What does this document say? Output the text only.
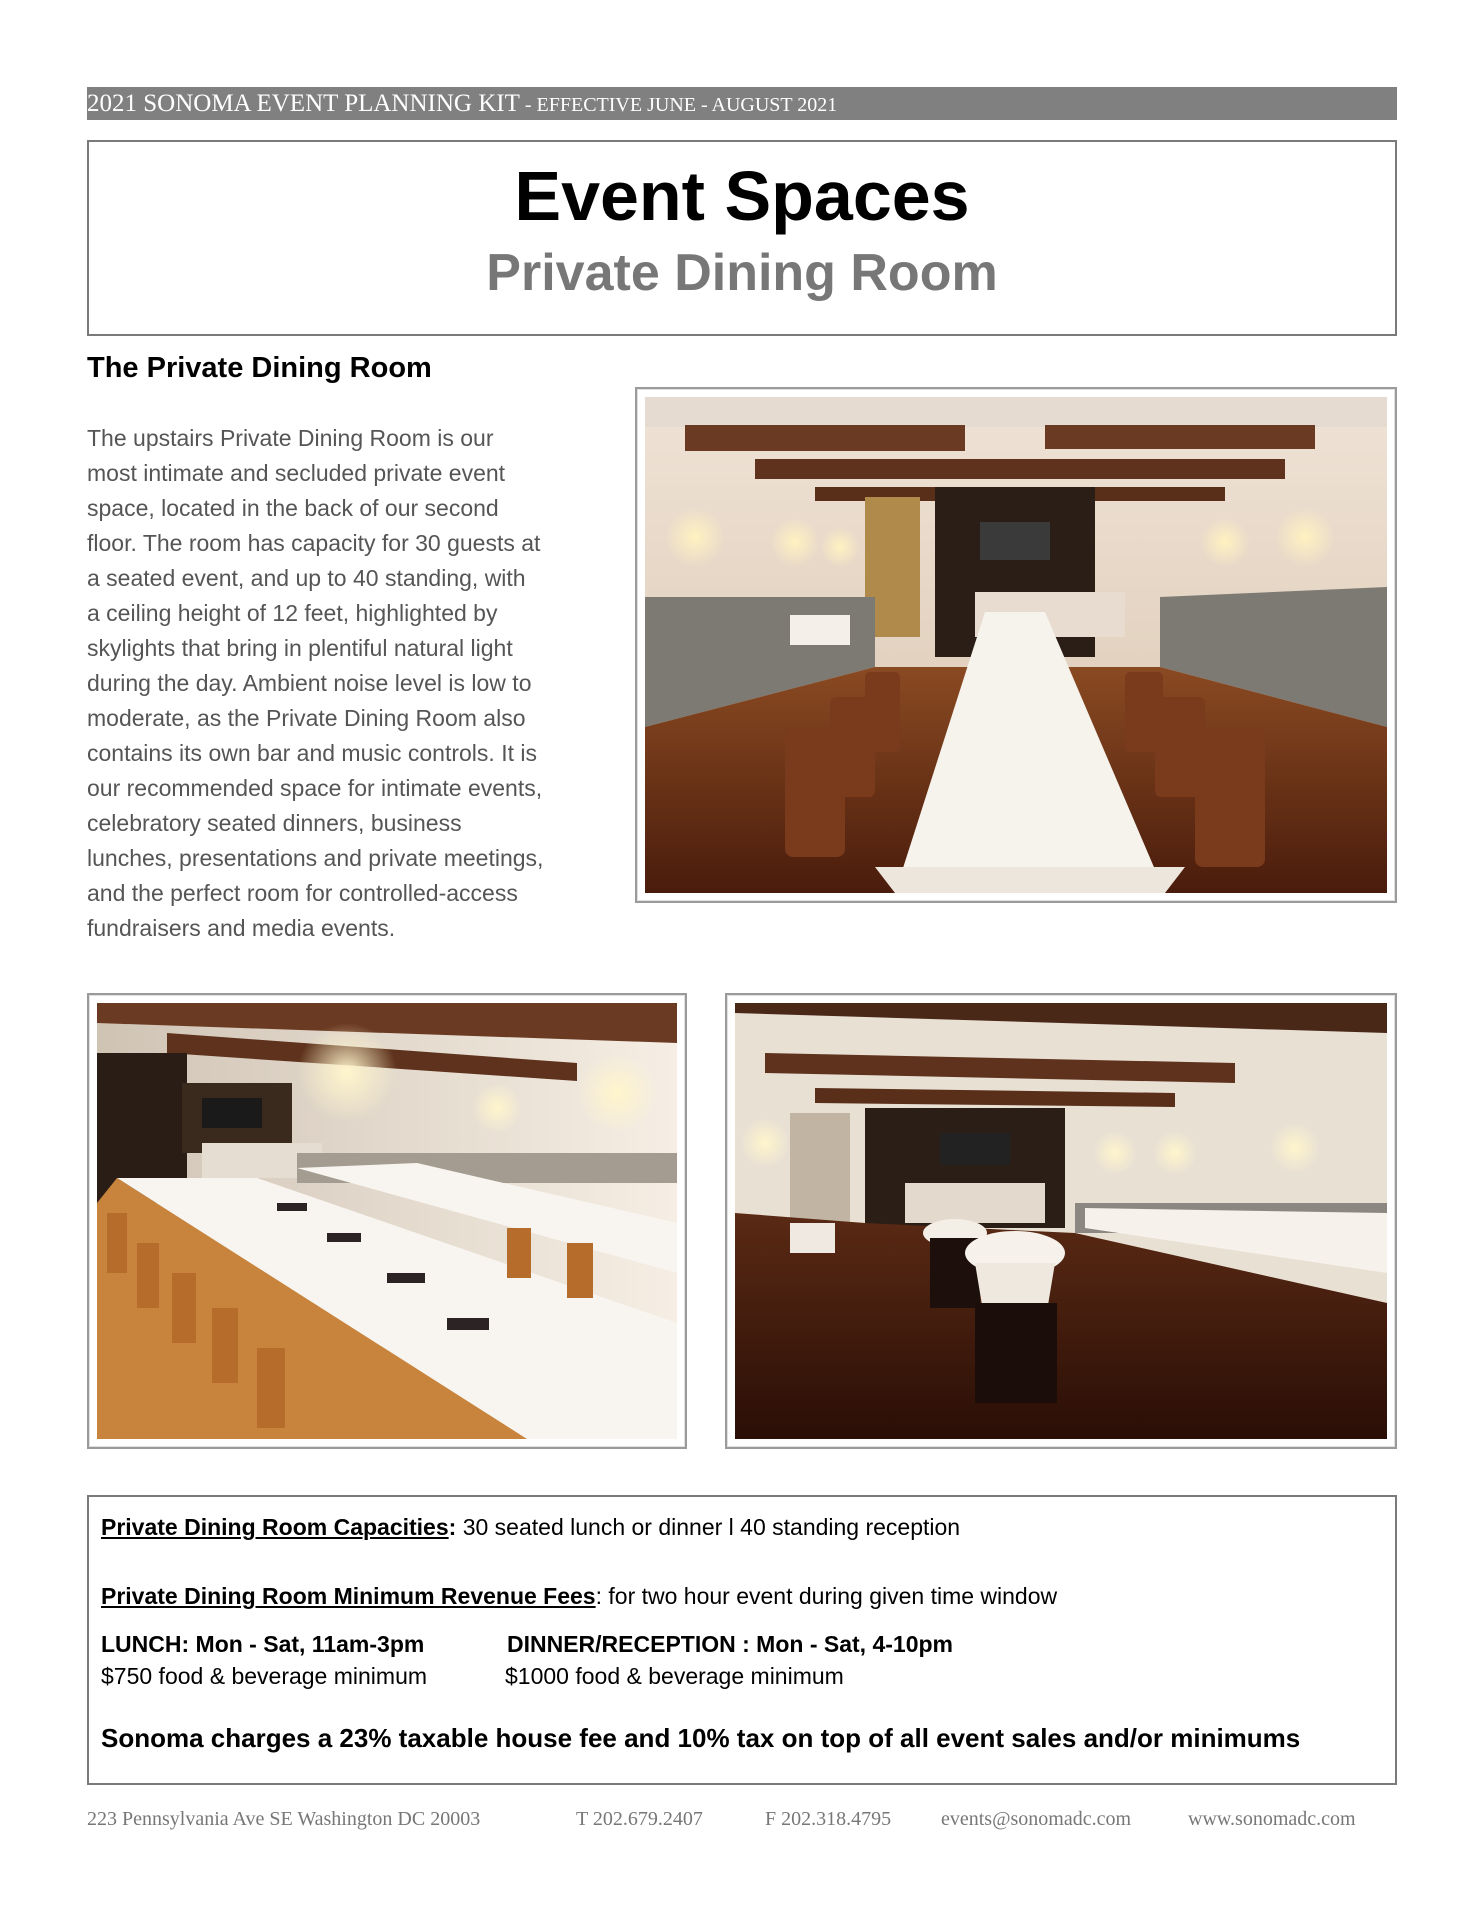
2021 SONOMA EVENT PLANNING KIT - EFFECTIVE JUNE - AUGUST 2021
Event Spaces
Private Dining Room
The Private Dining Room
The upstairs Private Dining Room is our
most intimate and secluded private event
space, located in the back of our second
floor. The room has capacity for 30 guests at
a seated event, and up to 40 standing, with
a ceiling height of 12 feet, highlighted by
skylights that bring in plentiful natural light
during the day. Ambient noise level is low to
moderate, as the Private Dining Room also
contains its own bar and music controls. It is
our recommended space for intimate events,
celebratory seated dinners, business
lunches, presentations and private meetings,
and the perfect room for controlled-access
fundraisers and media events.
Private Dining Room Capacities: 30 seated lunch or dinner l 40 standing reception
Private Dining Room Minimum Revenue Fees: for two hour event during given time window
LUNCH: Mon - Sat, 11am-3pm	DINNER/RECEPTION : Mon - Sat, 4-10pm
$750 food & beverage minimum	$1000 food & beverage minimum
Sonoma charges a 23% taxable house fee and 10% tax on top of all event sales and/or minimums
223 Pennsylvania Ave SE Washington DC 20003	T 202.679.2407	F 202.318.4795 events@sonomadc.com	www.sonomadc.com
